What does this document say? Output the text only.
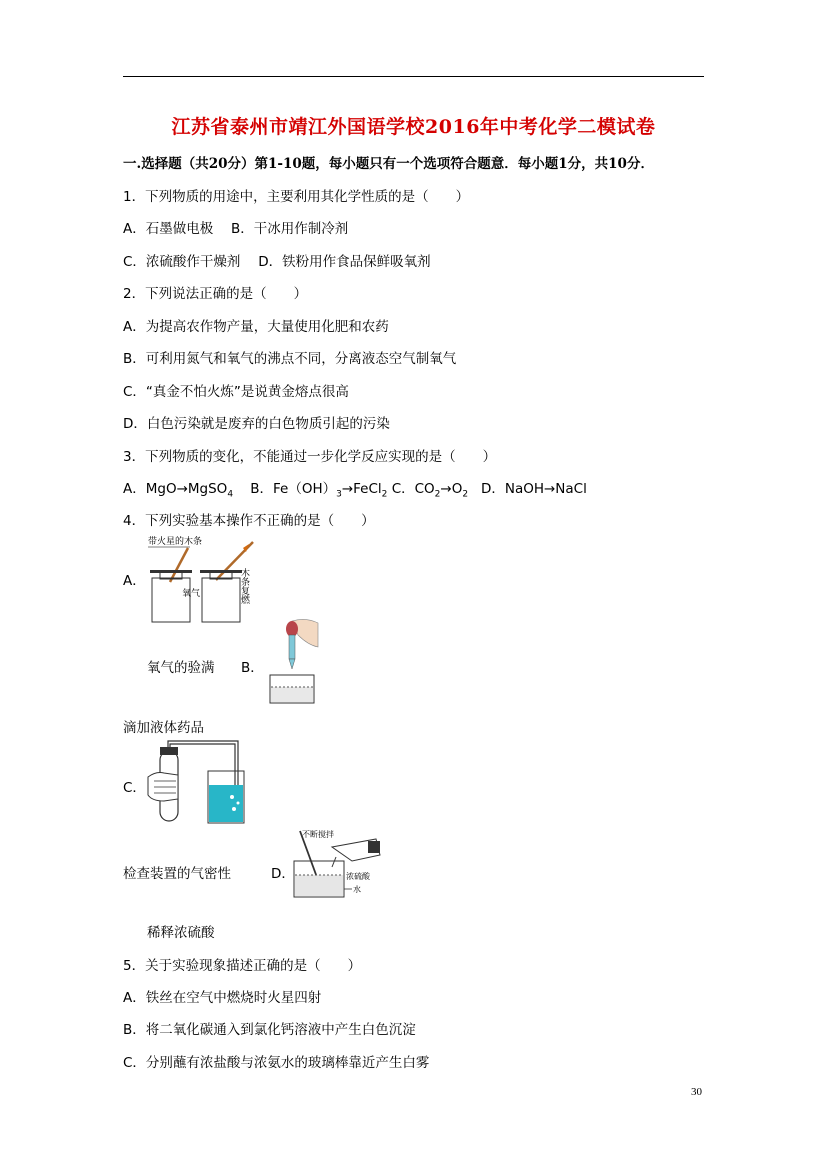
江苏省泰州市靖江外国语学校2016年中考化学二模试卷
一.选择题（共20分）第1-10题，每小题只有一个选项符合题意．每小题1分，共10分．
1．下列物质的用途中，主要利用其化学性质的是（　　）
A．石墨做电极　 B．干冰用作制冷剂
C．浓硫酸作干燥剂　 D．铁粉用作食品保鲜吸氧剂
2．下列说法正确的是（　　）
A．为提高农作物产量，大量使用化肥和农药
B．可利用氮气和氧气的沸点不同，分离液态空气制氧气
C．“真金不怕火炼”是说黄金熔点很高
D．白色污染就是废弃的白色物质引起的污染
3．下列物质的变化，不能通过一步化学反应实现的是（　　）
A．MgO→MgSO$_4$ B．$Fe(OH)_3\to FeCl_2$ C．$CO_2\to O_2$ D．NaOH→NaCl
4．下列实验基本操作不正确的是（　　）
A．
带火星的木条
氧气	木条复燃
氧气的验满 B．
滴加液体药品
C．
检查装置的气密性	D．
不断搅拌
浓硫酸
水
稀释浓硫酸
5．关于实验现象描述正确的是（　　）
A．铁丝在空气中燃烧时火星四射
B．将二氧化碳通入到氯化钙溶液中产生白色沉淀
C．分别蘸有浓盐酸与浓氨水的玻璃棒靠近产生白雾
30
